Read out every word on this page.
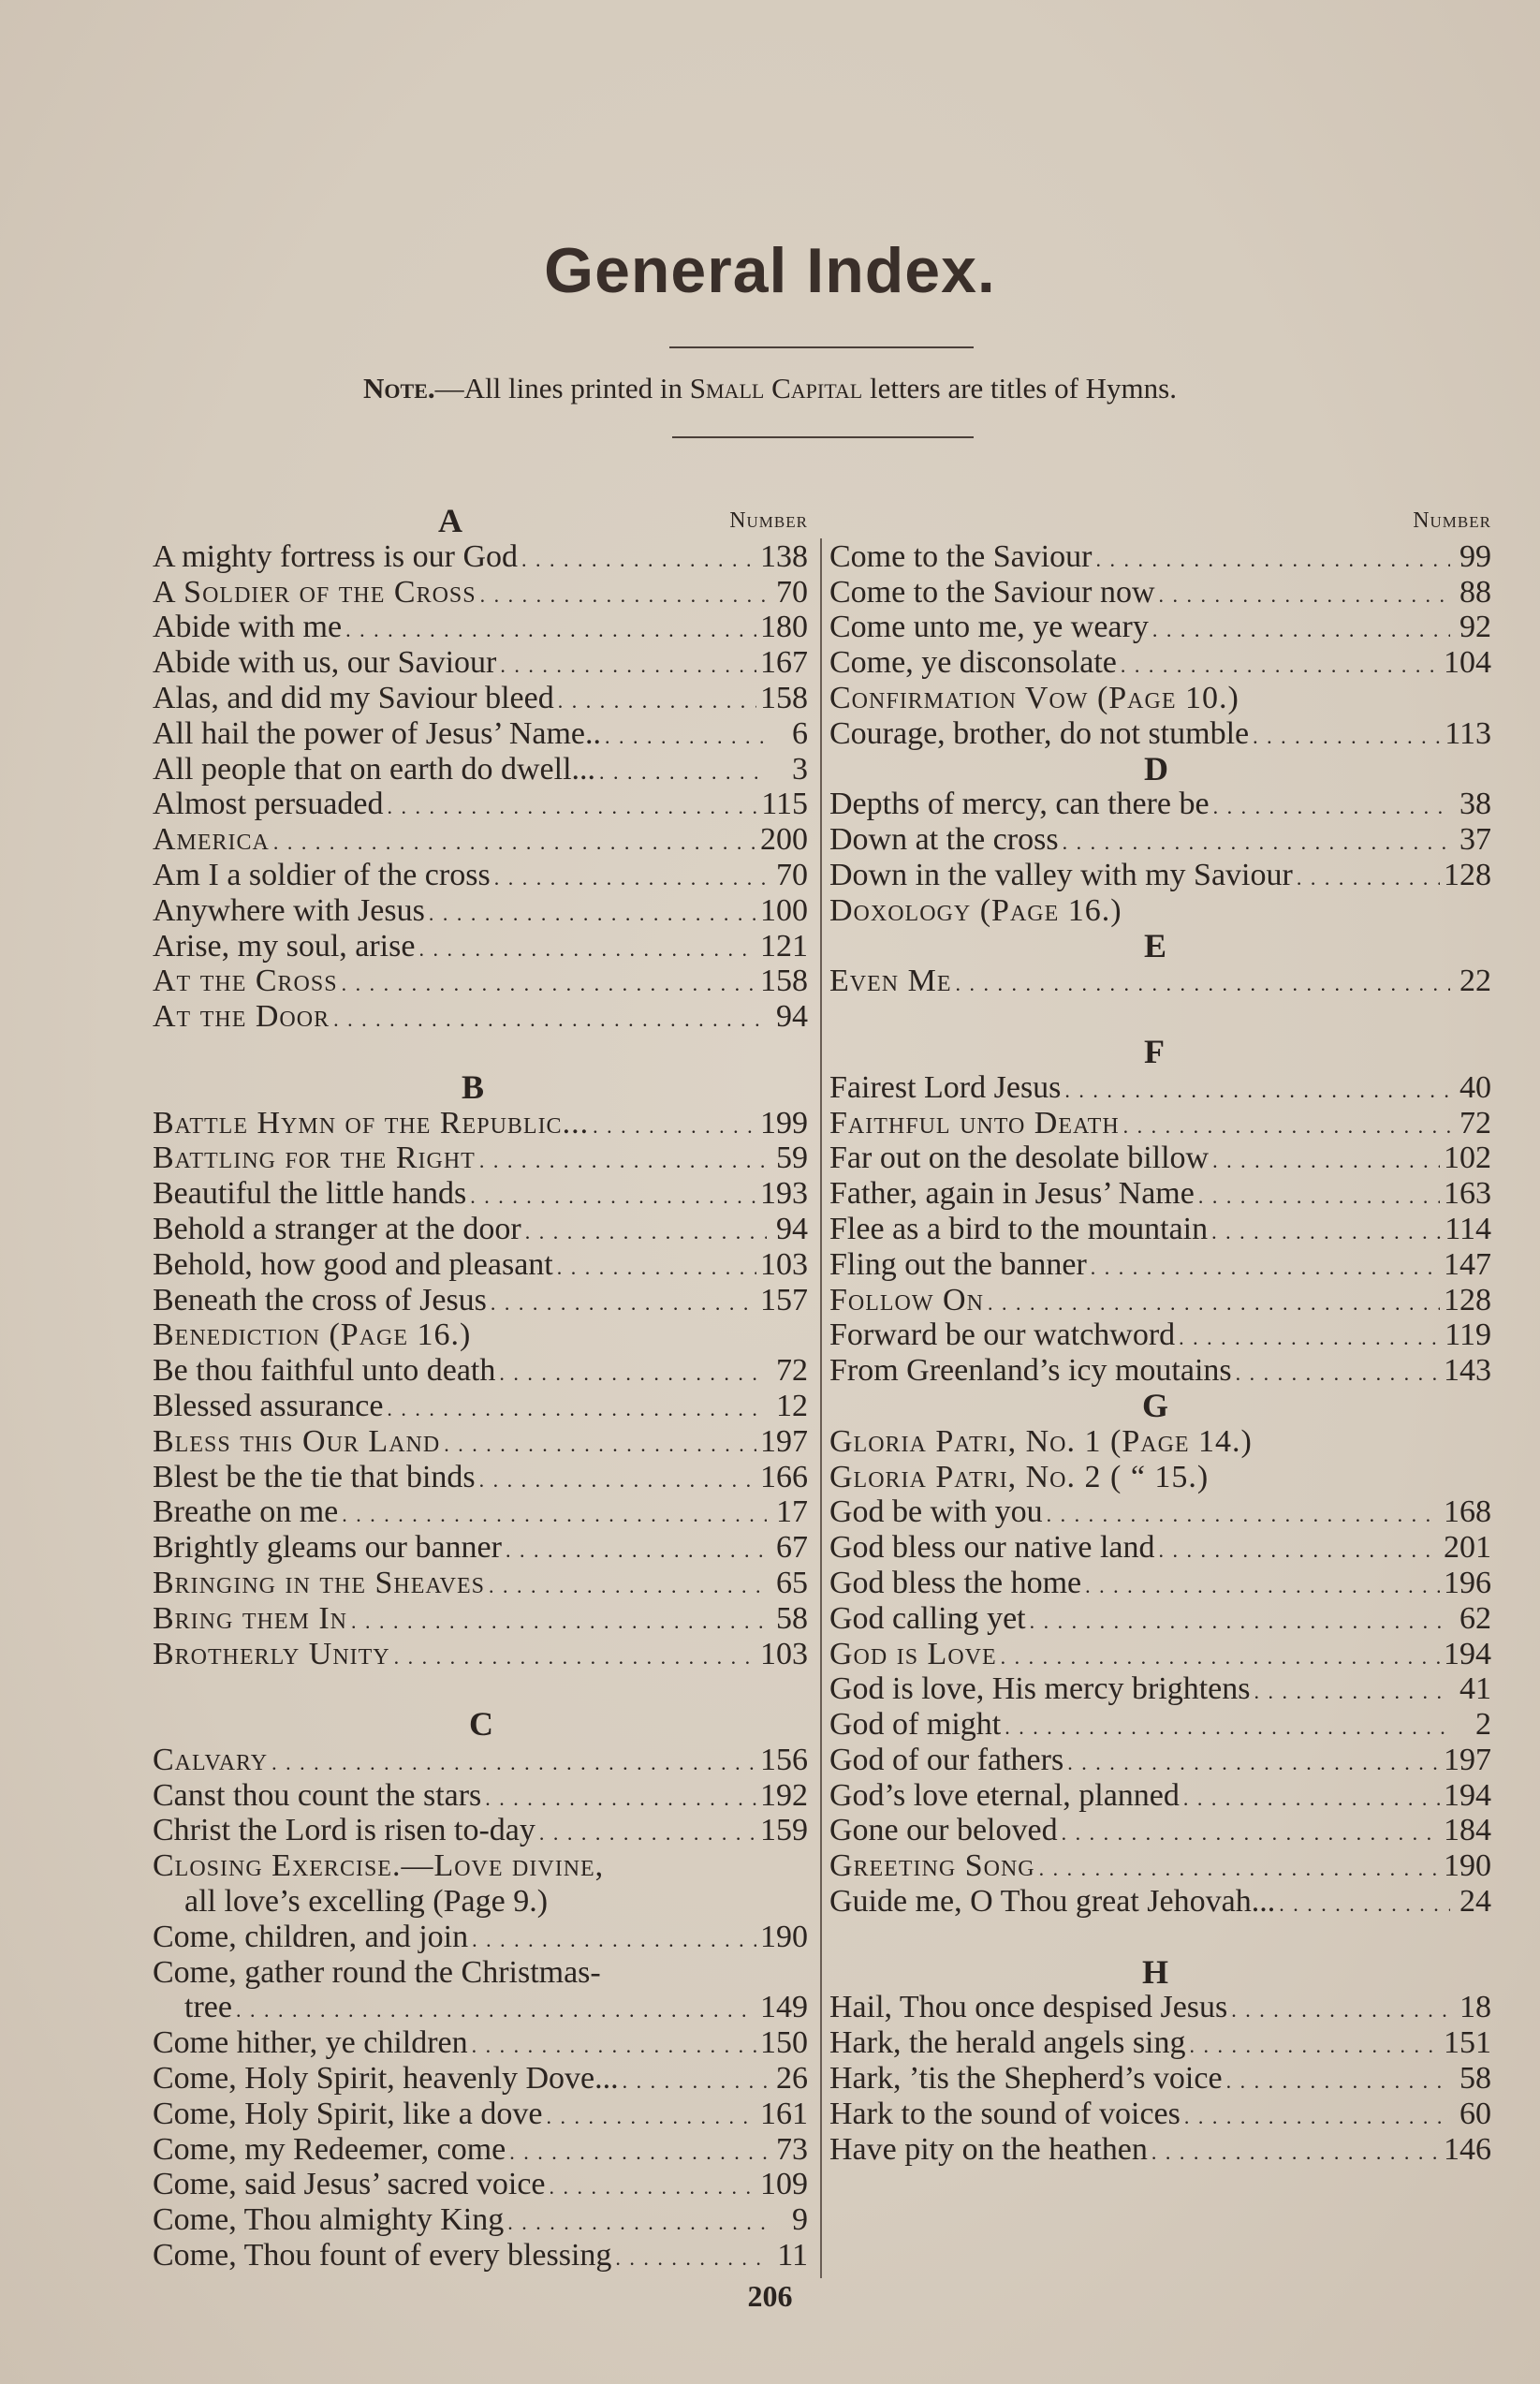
General Index.
Note.—All lines printed in Small Capital letters are titles of Hymns.
A	Number
A mighty fortress is our God . . .	138
A Soldier of the Cross . . .	70
Abide with me . . .	180
Abide with us, our Saviour . . .	167
Alas, and did my Saviour bleed . . .	158
All hail the power of Jesus’ Name.. . . .	6
All people that on earth do dwell... . . .	3
Almost persuaded . . .	115
America . . .	200
Am I a soldier of the cross . . .	70
Anywhere with Jesus . . .	100
Arise, my soul, arise . . .	121
At the Cross . . .	158
At the Door . . .	94
B
Battle Hymn of the Republic... . . .	199
Battling for the Right . . .	59
Beautiful the little hands . . .	193
Behold a stranger at the door . . .	94
Behold, how good and pleasant . . .	103
Beneath the cross of Jesus . . .	157
Benediction (Page 16.)
Be thou faithful unto death . . .	72
Blessed assurance . . .	12
Bless this Our Land . . .	197
Blest be the tie that binds . . .	166
Breathe on me . . .	17
Brightly gleams our banner . . .	67
Bringing in the Sheaves . . .	65
Bring them In . . .	58
Brotherly Unity . . .	103
C
Calvary . . .	156
Canst thou count the stars . . .	192
Christ the Lord is risen to-day . . .	159
Closing Exercise.—Love divine,
all love’s excelling (Page 9.)
Come, children, and join . . .	190
Come, gather round the Christmas-
tree . . .	149
Come hither, ye children . . .	150
Come, Holy Spirit, heavenly Dove... . . .	26
Come, Holy Spirit, like a dove . . .	161
Come, my Redeemer, come . . .	73
Come, said Jesus’ sacred voice . . .	109
Come, Thou almighty King . . .	9
Come, Thou fount of every blessing . . .	11
Number
Come to the Saviour . . .	99
Come to the Saviour now . . .	88
Come unto me, ye weary . . .	92
Come, ye disconsolate . . .	104
Confirmation Vow (Page 10.)
Courage, brother, do not stumble . . .	113
D
Depths of mercy, can there be . . .	38
Down at the cross . . .	37
Down in the valley with my Saviour . . .	128
Doxology (Page 16.)
E
Even Me . . .	22
F
Fairest Lord Jesus . . .	40
Faithful unto Death . . .	72
Far out on the desolate billow . . .	102
Father, again in Jesus’ Name . . .	163
Flee as a bird to the mountain . . .	114
Fling out the banner . . .	147
Follow On . . .	128
Forward be our watchword . . .	119
From Greenland’s icy moutains . . .	143
G
Gloria Patri, No. 1 (Page 14.)
Gloria Patri, No. 2 ( “ 15.)
God be with you . . .	168
God bless our native land . . .	201
God bless the home . . .	196
God calling yet . . .	62
God is Love . . .	194
God is love, His mercy brightens . . .	41
God of might . . .	2
God of our fathers . . .	197
God’s love eternal, planned . . .	194
Gone our beloved . . .	184
Greeting Song . . .	190
Guide me, O Thou great Jehovah... . . .	24
H
Hail, Thou once despised Jesus . . .	18
Hark, the herald angels sing . . .	151
Hark, ’tis the Shepherd’s voice . . .	58
Hark to the sound of voices . . .	60
Have pity on the heathen . . .	146
206
